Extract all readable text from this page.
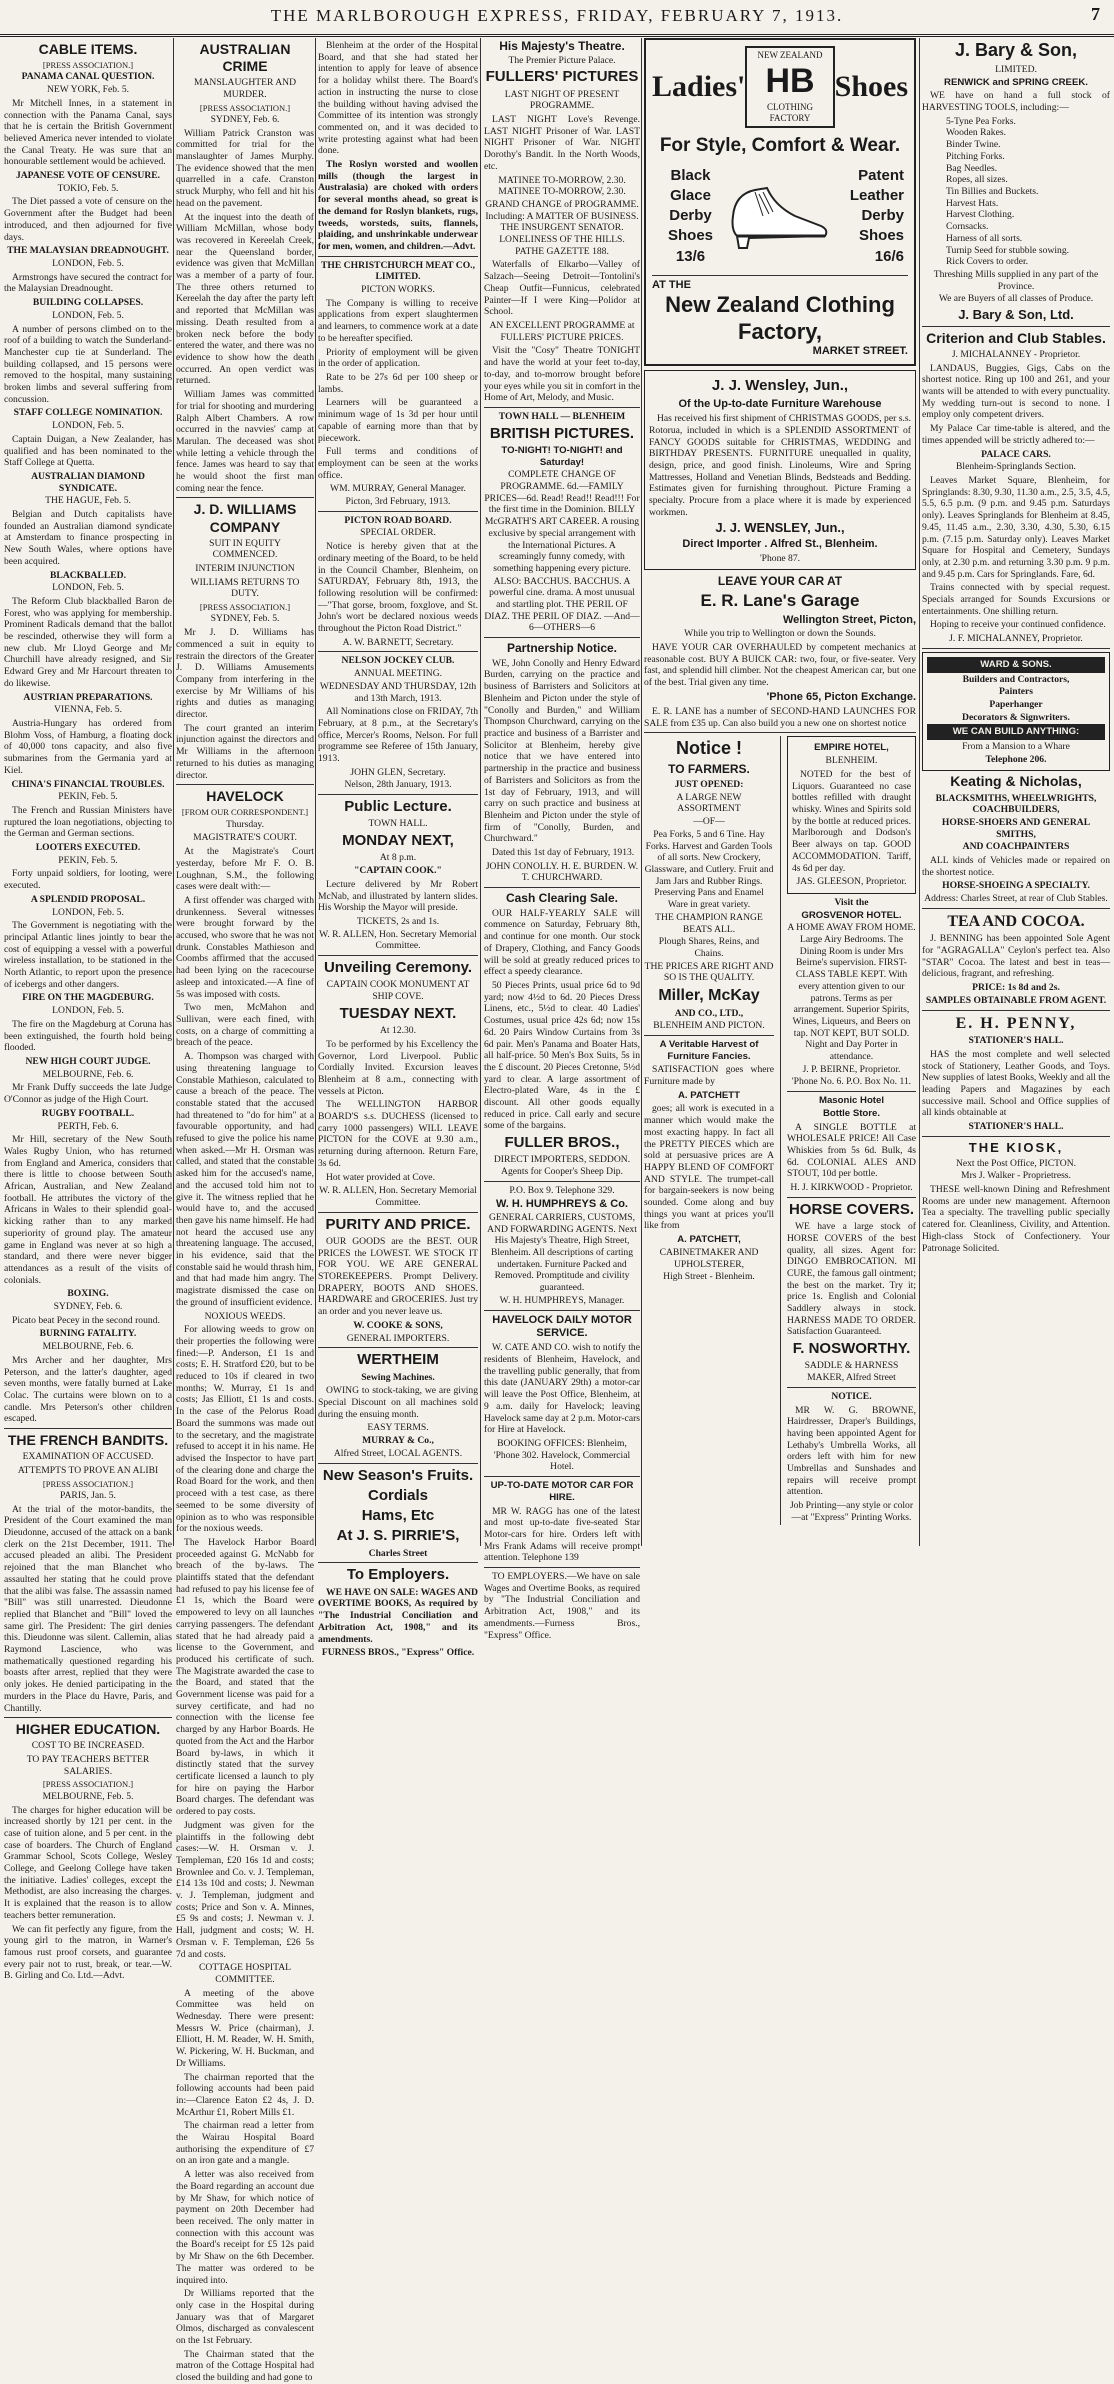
THE MARLBOROUGH EXPRESS, FRIDAY, FEBRUARY 7, 1913.	7
CABLE ITEMS.
[PRESS ASSOCIATION.]
PANAMA CANAL QUESTION.
NEW YORK, Feb. 5.

Mr Mitchell Innes, in a statement in connection with the Panama Canal, says that he is certain the British Government believed America never intended to violate the Canal Treaty. He was sure that an honourable settlement would be achieved.

JAPANESE VOTE OF CENSURE.
TOKIO, Feb. 5.

The Diet passed a vote of censure on the Government after the Budget had been introduced, and then adjourned for five days.

THE MALAYSIAN DREADNOUGHT.
LONDON, Feb. 5.

Armstrongs have secured the contract for the Malaysian Dreadnought.

BUILDING COLLAPSES.
LONDON, Feb. 5.

A number of persons climbed on to the roof of a building to watch the Sunderland-Manchester cup tie at Sunderland. The building collapsed, and 15 persons were removed to the hospital, many sustaining broken limbs and several suffering from concussion.

STAFF COLLEGE NOMINATION.
LONDON, Feb. 5.

Captain Duigan, a New Zealander, has qualified and has been nominated to the Staff College at Quetta.

AUSTRALIAN DIAMOND SYNDICATE.
THE HAGUE, Feb. 5.

Belgian and Dutch capitalists have founded an Australian diamond syndicate at Amsterdam to finance prospecting in New South Wales, where options have been acquired.

BLACKBALLED.
LONDON, Feb. 5.

The Reform Club blackballed Baron de Forest, who was applying for membership. Prominent Radicals demand that the ballot be rescinded, otherwise they will form a new club. Mr Lloyd George and Mr Churchill have already resigned, and Sir Edward Grey and Mr Harcourt threaten to do likewise.

AUSTRIAN PREPARATIONS.
VIENNA, Feb. 5.

Austria-Hungary has ordered from Blohm Voss, of Hamburg, a floating dock of 40,000 tons capacity, and also five submarines from the Germania yard at Kiel.

CHINA'S FINANCIAL TROUBLES.
PEKIN, Feb. 5.

The French and Russian Ministers have ruptured the loan negotiations, objecting to the German and German sections.

LOOTERS EXECUTED.
PEKIN, Feb. 5.

Forty unpaid soldiers, for looting, were executed.

A SPLENDID PROPOSAL.
LONDON, Feb. 5.

The Government is negotiating with the principal Atlantic lines jointly to bear the cost of equipping a vessel with a powerful wireless installation, to be stationed in the North Atlantic, to report upon the presence of icebergs and other dangers.

FIRE ON THE MAGDEBURG.
LONDON, Feb. 5.

The fire on the Magdeburg at Coruna has been extinguished, the fourth hold being flooded.

NEW HIGH COURT JUDGE.
MELBOURNE, Feb. 6.

Mr Frank Duffy succeeds the late Judge O'Connor as judge of the High Court.

RUGBY FOOTBALL.
PERTH, Feb. 6.

Mr Hill, secretary of the New South Wales Rugby Union, who has returned from England and America, considers that there is little to choose between South African, Australian, and New Zealand football. He attributes the victory of the Africans in Wales to their splendid goal-kicking rather than to any marked superiority of ground play. The amateur game in England was never at so high a standard, and there were never bigger attendances as a result of the visits of colonials.

BOXING.
SYDNEY, Feb. 6.

Picato beat Pecey in the second round.

BURNING FATALITY.
MELBOURNE, Feb. 6.

Mrs Archer and her daughter, Mrs Peterson, and the latter's daughter, aged seven months, were fatally burned at Lake Colac. The curtains were blown on to a candle. Mrs Peterson's other children escaped.

THE FRENCH BANDITS.
EXAMINATION OF ACCUSED.
ATTEMPTS TO PROVE AN ALIBI
[PRESS ASSOCIATION.]
PARIS, Jan. 5.

At the trial of the motor-bandits, the President of the Court examined the man Dieudonne, accused of the attack on a bank clerk on the 21st December, 1911. The accused pleaded an alibi. The President rejoined that the man Blanchet who assaulted her stating that he could prove that the alibi was false. The assassin named "Bill" was still unarrested. Dieudonne replied that Blanchet and "Bill" loved the same girl. The President: The girl denies this. Dieudonne was silent. Callemin, alias Raymond Lascience, who was mathematically questioned regarding his boasts after arrest, replied that they were only jokes. He denied participating in the murders in the Place du Havre, Paris, and Chantilly.

HIGHER EDUCATION.
COST TO BE INCREASED.
TO PAY TEACHERS BETTER SALARIES.
[PRESS ASSOCIATION.]
MELBOURNE, Feb. 5.

The charges for higher education will be increased shortly by 121 per cent. in the case of tuition alone, and 5 per cent. in the case of boarders. The Church of England Grammar School, Scots College, Wesley College, and Geelong College have taken the initiative. Ladies' colleges, except the Methodist, are also increasing the charges. It is explained that the reason is to allow teachers better remuneration.

We can fit perfectly any figure, from the young girl to the matron, in Warner's famous rust proof corsets, and guarantee every pair not to rust, break, or tear.—W. B. Girling and Co. Ltd.—Advt.

AUSTRALIAN CRIME
MANSLAUGHTER AND MURDER.
[PRESS ASSOCIATION.]
SYDNEY, Feb. 6.

William Patrick Cranston was committed for trial for the manslaughter of James Murphy. The evidence showed that the men quarrelled in a cafe. Cranston struck Murphy, who fell and hit his head on the pavement.

At the inquest into the death of William McMillan, whose body was recovered in Kereelah Creek, near the Queensland border, evidence was given that McMillan was a member of a party of four. The three others returned to Kereelah the day after the party left and reported that McMillan was missing. Death resulted from a broken neck before the body entered the water, and there was no evidence to show how the death occurred. An open verdict was returned.

William James was committed for trial for shooting and murdering Ralph Albert Chambers. A row occurred in the navvies' camp at Marulan. The deceased was shot while letting a vehicle through the fence. James was heard to say that he would shoot the first man coming near the fence.

J. D. WILLIAMS COMPANY
SUIT IN EQUITY COMMENCED.
INTERIM INJUNCTION
WILLIAMS RETURNS TO DUTY.
[PRESS ASSOCIATION.]
SYDNEY, Feb. 5.

Mr J. D. Williams has commenced a suit in equity to restrain the directors of the Greater J. D. Williams Amusements Company from interfering in the exercise by Mr Williams of his rights and duties as managing director.

The court granted an interim injunction against the directors and Mr Williams in the afternoon returned to his duties as managing director.

HAVELOCK
[FROM OUR CORRESPONDENT.]
Thursday.
MAGISTRATE'S COURT.

At the Magistrate's Court yesterday, before Mr F. O. B. Loughnan, S.M., the following cases were dealt with:—

A first offender was charged with drunkenness. Several witnesses were brought forward by the accused, who swore that he was not drunk. Constables Mathieson and Coombs affirmed that the accused had been lying on the racecourse asleep and intoxicated.—A fine of 5s was imposed with costs.

Two men, McMahon and Sullivan, were each fined, with costs, on a charge of committing a breach of the peace.

A. Thompson was charged with using threatening language to Constable Mathieson, calculated to cause a breach of the peace. The constable stated that the accused had threatened to "do for him" at a favourable opportunity, and had refused to give the police his name when asked.—Mr H. Orsman was called, and stated that the constable asked him for the accused's name, and the accused told him not to give it. The witness replied that he would have to, and the accused then gave his name himself. He had not heard the accused use any threatening language. The accused, in his evidence, said that the constable said he would thrash him, and that had made him angry. The magistrate dismissed the case on the ground of insufficient evidence.

NOXIOUS WEEDS.

For allowing weeds to grow on their properties the following were fined:—P. Anderson, £1 1s and costs; E. H. Stratford £20, but to be reduced to 10s if cleared in two months; W. Murray, £1 1s and costs; Jas Elliott, £1 1s and costs. In the case of the Pelorus Road Board the summons was made out to the secretary, and the magistrate refused to accept it in his name. He advised the Inspector to have part of the clearing done and charge the Road Board for the work, and then proceed with a test case, as there seemed to be some diversity of opinion as to who was responsible for the noxious weeds.

The Havelock Harbor Board proceeded against G. McNabb for breach of the by-laws. The plaintiffs stated that the defendant had refused to pay his license fee of £1 1s, which the Board were empowered to levy on all launches carrying passengers. The defendant stated that he had already paid a license to the Government, and produced his certificate of such. The Magistrate awarded the case to the Board, and stated that the Government license was paid for a survey certificate, and had no connection with the license fee charged by any Harbor Boards. He quoted from the Act and the Harbor Board by-laws, in which it distinctly stated that the survey certificate licensed a launch to ply for hire on paying the Harbor Board charges. The defendant was ordered to pay costs.

Judgment was given for the plaintiffs in the following debt cases:—W. H. Orsman v. J. Templeman, £20 16s 1d and costs; Brownlee and Co. v. J. Templeman, £14 13s 10d and costs; J. Newman v. J. Templeman, judgment and costs; Price and Son v. A. Minnes, £5 9s and costs; J. Newman v. J. Hall, judgment and costs; W. H. Orsman v. F. Templeman, £26 5s 7d and costs.

COTTAGE HOSPITAL COMMITTEE.

A meeting of the above Committee was held on Wednesday. There were present: Messrs W. Price (chairman), J. Elliott, H. M. Reader, W. H. Smith, W. Pickering, W. H. Buckman, and Dr Williams.

The chairman reported that the following accounts had been paid in:—Clarence Eaton £2 4s, J. D. McArthur £1, Robert Mills £1.

The chairman read a letter from the Wairau Hospital Board authorising the expenditure of £7 on an iron gate and a mangle.

A letter was also received from the Board regarding an account due by Mr Shaw, for which notice of payment on 20th December had been received. The only matter in connection with this account was the Board's receipt for £5 12s paid by Mr Shaw on the 6th December. The matter was ordered to be inquired into.

Dr Williams reported that the only case in the Hospital during January was that of Margaret Olmos, discharged as convalescent on the 1st February.

The Chairman stated that the matron of the Cottage Hospital had closed the building and had gone to

Blenheim at the order of the Hospital Board, and that she had stated her intention to apply for leave of absence for a holiday whilst there. The Board's action in instructing the nurse to close the building without having advised the Committee of its intention was strongly commented on, and it was decided to write protesting against what had been done.

The Roslyn worsted and woollen mills (though the largest in Australasia) are choked with orders for several months ahead, so great is the demand for Roslyn blankets, rugs, tweeds, worsteds, suits, flannels, plaiding, and unshrinkable underwear for men, women, and children.—Advt.

THE CHRISTCHURCH MEAT CO., LIMITED.
PICTON WORKS.

The Company is willing to receive applications from expert slaughtermen and learners, to commence work at a date to be hereafter specified.

Priority of employment will be given in the order of application.

Rate to be 27s 6d per 100 sheep or lambs.

Learners will be guaranteed a minimum wage of 1s 3d per hour until capable of earning more than that by piecework.

Full terms and conditions of employment can be seen at the works office.

WM. MURRAY, General Manager.
Picton, 3rd February, 1913.
PICTON ROAD BOARD.
SPECIAL ORDER.

Notice is hereby given that at the ordinary meeting of the Board, to be held in the Council Chamber, Blenheim, on SATURDAY, February 8th, 1913, the following resolution will be confirmed:—"That gorse, broom, foxglove, and St. John's wort be declared noxious weeds throughout the Picton Road District."

A. W. BARNETT, Secretary.
NELSON JOCKEY CLUB.
ANNUAL MEETING.
WEDNESDAY AND THURSDAY, 12th and 13th March, 1913.

All Nominations close on FRIDAY, 7th February, at 8 p.m., at the Secretary's office, Mercer's Rooms, Nelson. For full programme see Referee of 15th January, 1913.

JOHN GLEN, Secretary.
Nelson, 28th January, 1913.
Public Lecture.
TOWN HALL.
MONDAY NEXT,
At 8 p.m.
"CAPTAIN COOK."

Lecture delivered by Mr Robert McNab, and illustrated by lantern slides. His Worship the Mayor will preside.

TICKETS, 2s and 1s.
W. R. ALLEN, Hon. Secretary Memorial Committee.
Unveiling Ceremony.
CAPTAIN COOK MONUMENT AT SHIP COVE.
TUESDAY NEXT.
At 12.30.

To be performed by his Excellency the Governor, Lord Liverpool. Public Cordially Invited. Excursion leaves Blenheim at 8 a.m., connecting with vessels at Picton.

The WELLINGTON HARBOR BOARD'S s.s. DUCHESS (licensed to carry 1000 passengers) WILL LEAVE PICTON for the COVE at 9.30 a.m., returning during afternoon. Return Fare, 3s 6d.

Hot water provided at Cove.

W. R. ALLEN, Hon. Secretary Memorial Committee.
PURITY AND PRICE.

OUR GOODS are the BEST. OUR PRICES the LOWEST. WE STOCK IT FOR YOU. WE ARE GENERAL STOREKEEPERS. Prompt Delivery. DRAPERY, BOOTS AND SHOES. HARDWARE and GROCERIES. Just try an order and you never leave us.

W. COOKE & SONS,
GENERAL IMPORTERS.
WERTHEIM
Sewing Machines.

OWING to stock-taking, we are giving Special Discount on all machines sold during the ensuing month.

EASY TERMS.
MURRAY & Co.,
Alfred Street, LOCAL AGENTS.
New Season's Fruits.
Cordials
Hams, Etc
At J. S. PIRRIE'S,
Charles Street
To Employers.

WE HAVE ON SALE: WAGES AND OVERTIME BOOKS, As required by "The Industrial Conciliation and Arbitration Act, 1908," and its amendments.

FURNESS BROS., "Express" Office.
His Majesty's Theatre.
The Premier Picture Palace.
FULLERS' PICTURES
LAST NIGHT OF PRESENT PROGRAMME.

LAST NIGHT Love's Revenge. LAST NIGHT Prisoner of War. LAST NIGHT Prisoner of War. NIGHT Dorothy's Bandit. In the North Woods, etc.

MATINEE TO-MORROW, 2.30. MATINEE TO-MORROW, 2.30.
GRAND CHANGE of PROGRAMME. Including: A MATTER OF BUSINESS. THE INSURGENT SENATOR. LONELINESS OF THE HILLS. PATHE GAZETTE 188.

Waterfalls of Elkarbo—Valley of Salzach—Seeing Detroit—Tontolini's Cheap Outfit—Funnicus, celebrated Painter—If I were King—Polidor at School.

AN EXCELLENT PROGRAMME at FULLERS' PICTURE PRICES.

Visit the "Cosy" Theatre TONIGHT and have the world at your feet to-day, to-day, and to-morrow brought before your eyes while you sit in comfort in the Home of Art, Melody, and Music.

TOWN HALL — BLENHEIM
BRITISH PICTURES.
TO-NIGHT! TO-NIGHT! and Saturday!
COMPLETE CHANGE OF PROGRAMME. 6d.—FAMILY PRICES—6d. Read! Read!! Read!!! For the first time in the Dominion. BILLY McGRATH'S ART CAREER. A rousing exclusive by special arrangement with the International Pictures. A screamingly funny comedy, with something happening every picture.
ALSO: BACCHUS. BACCHUS. A powerful cine. drama. A most unusual and startling plot. THE PERIL OF DIAZ. THE PERIL OF DIAZ. —And— 6—OTHERS—6
Partnership Notice.

WE, John Conolly and Henry Edward Burden, carrying on the practice and business of Barristers and Solicitors at Blenheim and Picton under the style of "Conolly and Burden," and William Thompson Churchward, carrying on the practice and business of a Barrister and Solicitor at Blenheim, hereby give notice that we have entered into partnership in the practice and business of Barristers and Solicitors as from the 1st day of February, 1913, and will carry on such practice and business at Blenheim and Picton under the style of firm of "Conolly, Burden, and Churchward."

Dated this 1st day of February, 1913.

JOHN CONOLLY. H. E. BURDEN. W. T. CHURCHWARD.
Cash Clearing Sale.

OUR HALF-YEARLY SALE will commence on Saturday, February 8th, and continue for one month. Our stock of Drapery, Clothing, and Fancy Goods will be sold at greatly reduced prices to effect a speedy clearance.

50 Pieces Prints, usual price 6d to 9d yard; now 4½d to 6d. 20 Pieces Dress Linens, etc., 5½d to clear. 40 Ladies' Costumes, usual price 42s 6d; now 15s 6d. 20 Pairs Window Curtains from 3s 6d pair. Men's Panama and Boater Hats, all half-price. 50 Men's Box Suits, 5s in the £ discount. 20 Pieces Cretonne, 5½d yard to clear. A large assortment of Electro-plated Ware, 4s in the £ discount. All other goods equally reduced in price. Call early and secure some of the bargains.

FULLER BROS.,
DIRECT IMPORTERS, SEDDON. Agents for Cooper's Sheep Dip.
P.O. Box 9. Telephone 329.
W. H. HUMPHREYS & Co.
GENERAL CARRIERS, CUSTOMS, AND FORWARDING AGENTS. Next His Majesty's Theatre, High Street, Blenheim. All descriptions of carting undertaken. Furniture Packed and Removed. Promptitude and civility guaranteed.
W. H. HUMPHREYS, Manager.
HAVELOCK DAILY MOTOR SERVICE.

W. CATE AND CO. wish to notify the residents of Blenheim, Havelock, and the travelling public generally, that from this date (JANUARY 29th) a motor-car will leave the Post Office, Blenheim, at 9 a.m. daily for Havelock; leaving Havelock same day at 2 p.m. Motor-cars for Hire at Havelock.

BOOKING OFFICES: Blenheim, 'Phone 302. Havelock, Commercial Hotel.
UP-TO-DATE MOTOR CAR FOR HIRE.

MR W. RAGG has one of the latest and most up-to-date five-seated Star Motor-cars for hire. Orders left with Mrs Frank Adams will receive prompt attention. Telephone 139

TO EMPLOYERS.—We have on sale Wages and Overtime Books, as required by "The Industrial Conciliation and Arbitration Act, 1908," and its amendments.—Furness Bros., "Express" Office.

Ladies'
NEW ZEALAND
HB
CLOTHING FACTORY
Shoes
For Style, Comfort & Wear.
Black Glace Derby Shoes
13/6
Patent Leather Derby Shoes
16/6
AT THE
New Zealand Clothing Factory,
MARKET STREET.
J. J. Wensley, Jun.,
Of the Up-to-date Furniture Warehouse

Has received his first shipment of CHRISTMAS GOODS, per s.s. Rotorua, included in which is a SPLENDID ASSORTMENT of FANCY GOODS suitable for CHRISTMAS, WEDDING and BIRTHDAY PRESENTS. FURNITURE unequalled in quality, design, price, and good finish. Linoleums, Wire and Spring Mattresses, Holland and Venetian Blinds, Bedsteads and Bedding. Estimates given for furnishing throughout. Picture Framing a specialty. Procure from a place where it is made by experienced workmen.

J. J. WENSLEY, Jun.,
Direct Importer . Alfred St., Blenheim.
'Phone 87.
LEAVE YOUR CAR AT
E. R. Lane's Garage
Wellington Street, Picton,
While you trip to Wellington or down the Sounds.

HAVE YOUR CAR OVERHAULED by competent mechanics at reasonable cost. BUY A BUICK CAR: two, four, or five-seater. Very fast, and splendid hill climber. Not the cheapest American car, but one of the best. Trial given any time.

'Phone 65, Picton Exchange.

E. R. LANE has a number of SECOND-HAND LAUNCHES FOR SALE from £35 up. Can also build you a new one on shortest notice

Notice !
TO FARMERS.
JUST OPENED:
A LARGE NEW ASSORTMENT
—OF—
Pea Forks, 5 and 6 Tine. Hay Forks. Harvest and Garden Tools of all sorts. New Crockery, Glassware, and Cutlery. Fruit and Jam Jars and Rubber Rings. Preserving Pans and Enamel Ware in great variety.
THE CHAMPION RANGE BEATS ALL.
Plough Shares, Reins, and Chains.
THE PRICES ARE RIGHT AND SO IS THE QUALITY.
Miller, McKay
AND CO., LTD.,
BLENHEIM AND PICTON.
A Veritable Harvest of Furniture Fancies.

SATISFACTION goes where Furniture made by

A. PATCHETT

goes; all work is executed in a manner which would make the most exacting happy. In fact all the PRETTY PIECES which are sold at persuasive prices are A HAPPY BLEND OF COMFORT AND STYLE. The trumpet-call for bargain-seekers is now being sounded. Come along and buy things you want at prices you'll like from

A. PATCHETT,
CABINETMAKER AND UPHOLSTERER,
High Street - Blenheim.
EMPIRE HOTEL,
BLENHEIM.

NOTED for the best of Liquors. Guaranteed no case bottles refilled with draught whisky. Wines and Spirits sold by the bottle at reduced prices. Marlborough and Dodson's Beer always on tap. GOOD ACCOMMODATION. Tariff, 4s 6d per day.

JAS. GLEESON, Proprietor.
Visit the
GROSVENOR HOTEL.
A HOME AWAY FROM HOME. Large Airy Bedrooms. The Dining Room is under Mrs Beirne's supervision. FIRST-CLASS TABLE KEPT. With every attention given to our patrons. Terms as per arrangement. Superior Spirits, Wines, Liqueurs, and Beers on tap. NOT KEPT, BUT SOLD. Night and Day Porter in attendance.
J. P. BEIRNE, Proprietor.
'Phone No. 6. P.O. Box No. 11.
Masonic Hotel
Bottle Store.

A SINGLE BOTTLE at WHOLESALE PRICE! All Case Whiskies from 5s 6d. Bulk, 4s 6d. COLONIAL ALES AND STOUT, 10d per bottle.

H. J. KIRKWOOD - Proprietor.
HORSE COVERS.

WE have a large stock of HORSE COVERS of the best quality, all sizes. Agent for: DINGO EMBROCATION. MI CURE, the famous gall ointment; the best on the market. Try it; price 1s. English and Colonial Saddlery always in stock. HARNESS MADE TO ORDER. Satisfaction Guaranteed.

F. NOSWORTHY.
SADDLE & HARNESS MAKER, Alfred Street
NOTICE.

MR W. G. BROWNE, Hairdresser, Draper's Buildings, having been appointed Agent for Lethaby's Umbrella Works, all orders left with him for new Umbrellas and Sunshades and repairs will receive prompt attention.

Job Printing—any style or color—at "Express" Printing Works.
J. Bary & Son,
LIMITED.
RENWICK and SPRING CREEK.

WE have on hand a full stock of HARVESTING TOOLS, including:—

5-Tyne Pea Forks.
Wooden Rakes.
Binder Twine.
Pitching Forks.
Bag Needles.
Ropes, all sizes.
Tin Billies and Buckets.
Harvest Hats.
Harvest Clothing.
Cornsacks.
Harness of all sorts.
Turnip Seed for stubble sowing.
Rick Covers to order.
Threshing Mills supplied in any part of the Province.
We are Buyers of all classes of Produce.
J. Bary & Son, Ltd.
Criterion and Club Stables.
J. MICHALANNEY - Proprietor.

LANDAUS, Buggies, Gigs, Cabs on the shortest notice. Ring up 100 and 261, and your wants will be attended to with every punctuality. My wedding turn-out is second to none. I employ only competent drivers.

My Palace Car time-table is altered, and the times appended will be strictly adhered to:—

PALACE CARS.
Blenheim-Springlands Section.

Leaves Market Square, Blenheim, for Springlands: 8.30, 9.30, 11.30 a.m., 2.5, 3.5, 4.5, 5.5, 6.5 p.m. (9 p.m. and 9.45 p.m. Saturdays only). Leaves Springlands for Blenheim at 8.45, 9.45, 11.45 a.m., 2.30, 3.30, 4.30, 5.30, 6.15 p.m. (7.15 p.m. Saturday only). Leaves Market Square for Hospital and Cemetery, Sundays only, at 2.30 p.m. and returning 3.30 p.m. 9 p.m. and 9.45 p.m. Cars for Springlands. Fare, 6d.

Trains connected with by special request. Specials arranged for Sounds Excursions or entertainments. One shilling return.

Hoping to receive your continued confidence.

J. F. MICHALANNEY, Proprietor.
WARD & SONS.
Builders and Contractors,
Painters
Paperhanger
Decorators & Signwriters.
WE CAN BUILD ANYTHING:
From a Mansion to a Whare
Telephone 206.
Keating & Nicholas,
BLACKSMITHS, WHEELWRIGHTS, COACHBUILDERS,
HORSE-SHOERS AND GENERAL SMITHS,
AND COACHPAINTERS

ALL kinds of Vehicles made or repaired on the shortest notice.

HORSE-SHOEING A SPECIALTY.
Address: Charles Street, at rear of Club Stables.
TEA AND COCOA.

J. BENNING has been appointed Sole Agent for "AGRAGALLA" Ceylon's perfect tea. Also "STAR" Cocoa. The latest and best in teas—delicious, fragrant, and refreshing.

PRICE: 1s 8d and 2s.
SAMPLES OBTAINABLE FROM AGENT.
E. H. PENNY,
STATIONER'S HALL.

HAS the most complete and well selected stock of Stationery, Leather Goods, and Toys. New supplies of latest Books, Weekly and all the leading Papers and Magazines by each successive mail. School and Office supplies of all kinds obtainable at

STATIONER'S HALL.
THE KIOSK,
Next the Post Office, PICTON.
Mrs J. Walker - Proprietress.

THESE well-known Dining and Refreshment Rooms are under new management. Afternoon Tea a specialty. The travelling public specially catered for. Cleanliness, Civility, and Attention. High-class Stock of Confectionery. Your Patronage Solicited.
